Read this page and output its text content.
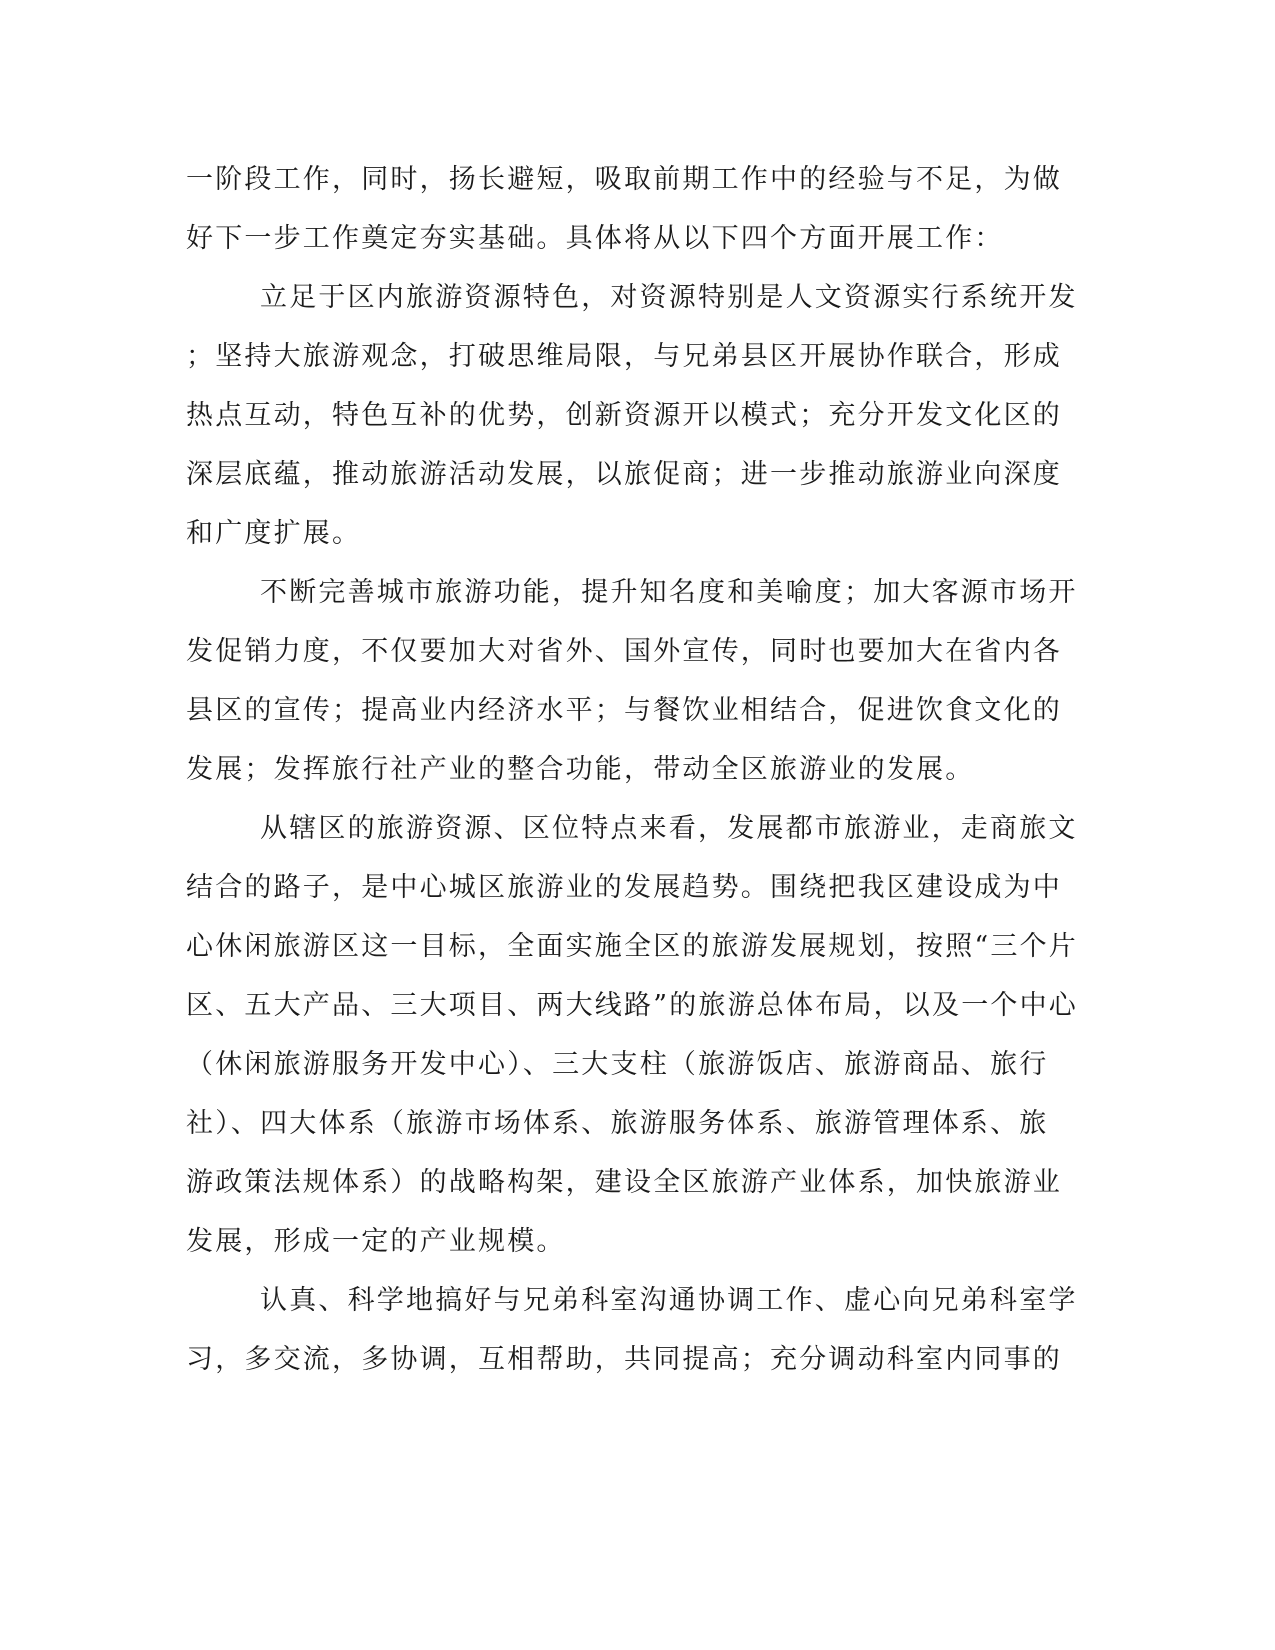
一阶段工作，同时，扬长避短，吸取前期工作中的经验与不足，为做
好下一步工作奠定夯实基础。具体将从以下四个方面开展工作：
立足于区内旅游资源特色，对资源特别是人文资源实行系统开发
；坚持大旅游观念，打破思维局限，与兄弟县区开展协作联合，形成
热点互动，特色互补的优势，创新资源开以模式；充分开发文化区的
深层底蕴，推动旅游活动发展，以旅促商；进一步推动旅游业向深度
和广度扩展。
不断完善城市旅游功能，提升知名度和美喻度；加大客源市场开
发促销力度，不仅要加大对省外、国外宣传，同时也要加大在省内各
县区的宣传；提高业内经济水平；与餐饮业相结合，促进饮食文化的
发展；发挥旅行社产业的整合功能，带动全区旅游业的发展。
从辖区的旅游资源、区位特点来看，发展都市旅游业，走商旅文
结合的路子，是中心城区旅游业的发展趋势。围绕把我区建设成为中
心休闲旅游区这一目标，全面实施全区的旅游发展规划，按照“三个片
区、五大产品、三大项目、两大线路”的旅游总体布局，以及一个中心
（休闲旅游服务开发中心）、三大支柱（旅游饭店、旅游商品、旅行
社）、四大体系（旅游市场体系、旅游服务体系、旅游管理体系、旅
游政策法规体系）的战略构架，建设全区旅游产业体系，加快旅游业
发展，形成一定的产业规模。
认真、科学地搞好与兄弟科室沟通协调工作、虚心向兄弟科室学
习，多交流，多协调，互相帮助，共同提高；充分调动科室内同事的
